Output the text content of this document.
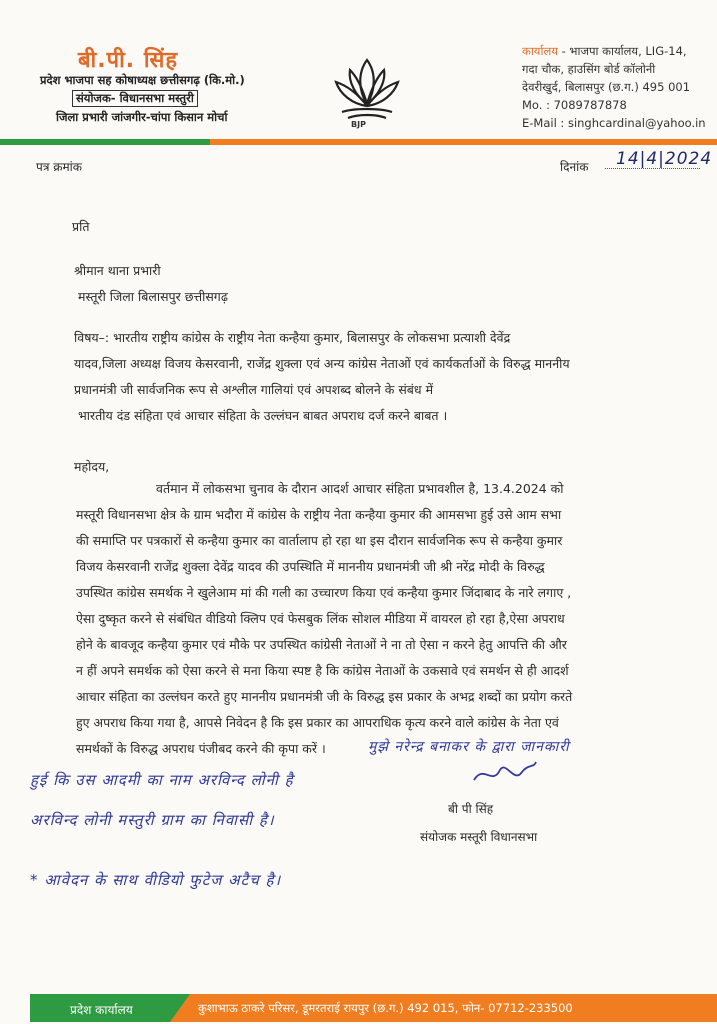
बी.पी. सिंह
प्रदेश भाजपा सह कोषाध्यक्ष छत्तीसगढ़ (कि.मो.)
संयोजक- विधानसभा मस्तुरी
जिला प्रभारी जांजगीर-चांपा किसान मोर्चा
BJP
कार्यालय - भाजपा कार्यालय, LIG-14,
गदा चौक, हाउसिंग बोर्ड कॉलोनी
देवरीखुर्द, बिलासपुर (छ.ग.) 495 001
Mo. : 7089787878
E-Mail : singhcardinal@yahoo.in
पत्र क्रमांक	दिनांक 14|4|2024
प्रति
श्रीमान थाना प्रभारी
मस्तूरी जिला बिलासपुर छत्तीसगढ़
विषय–: भारतीय राष्ट्रीय कांग्रेस के राष्ट्रीय नेता कन्हैया कुमार, बिलासपुर के लोकसभा प्रत्याशी देवेंद्र
यादव,जिला अध्यक्ष विजय केसरवानी, राजेंद्र शुक्ला एवं अन्य कांग्रेस नेताओं एवं कार्यकर्ताओं के विरुद्ध माननीय
प्रधानमंत्री जी सार्वजनिक रूप से अश्लील गालियां एवं अपशब्द बोलने के संबंध में
भारतीय दंड संहिता एवं आचार संहिता के उल्लंघन बाबत अपराध दर्ज करने बाबत ।
महोदय,
वर्तमान में लोकसभा चुनाव के दौरान आदर्श आचार संहिता प्रभावशील है, 13.4.2024 को
मस्तूरी विधानसभा क्षेत्र के ग्राम भदौरा में कांग्रेस के राष्ट्रीय नेता कन्हैया कुमार की आमसभा हुई उसे आम सभा
की समाप्ति पर पत्रकारों से कन्हैया कुमार का वार्तालाप हो रहा था इस दौरान सार्वजनिक रूप से कन्हैया कुमार
विजय केसरवानी राजेंद्र शुक्ला देवेंद्र यादव की उपस्थिति में माननीय प्रधानमंत्री जी श्री नरेंद्र मोदी के विरुद्ध
उपस्थित कांग्रेस समर्थक ने खुलेआम मां की गली का उच्चारण किया एवं कन्हैया कुमार जिंदाबाद के नारे लगाए ,
ऐसा दुष्कृत करने से संबंधित वीडियो क्लिप एवं फेसबुक लिंक सोशल मीडिया में वायरल हो रहा है,ऐसा अपराध
होने के बावजूद कन्हैया कुमार एवं मौके पर उपस्थित कांग्रेसी नेताओं ने ना तो ऐसा न करने हेतु आपत्ति की और
न हीं अपने समर्थक को ऐसा करने से मना किया स्पष्ट है कि कांग्रेस नेताओं के उकसावे एवं समर्थन से ही आदर्श
आचार संहिता का उल्लंघन करते हुए माननीय प्रधानमंत्री जी के विरुद्ध इस प्रकार के अभद्र शब्दों का प्रयोग करते
हुए अपराध किया गया है, आपसे निवेदन है कि इस प्रकार का आपराधिक कृत्य करने वाले कांग्रेस के नेता एवं
समर्थकों के विरुद्ध अपराध पंजीबद करने की कृपा करें ।	मुझे नरेन्द्र बनाकर के द्वारा जानकारी
हुई कि उस आदमी का नाम अरविन्द लोनी है
अरविन्द लोनी मस्तुरी ग्राम का निवासी है।
* आवेदन के साथ वीडियो फुटेज अटैच है।
बी पी सिंह
संयोजक मस्तूरी विधानसभा
प्रदेश कार्यालय	कुशाभाऊ ठाकरे परिसर, डूमरतराई रायपुर (छ.ग.) 492 015, फोन- 07712-233500
